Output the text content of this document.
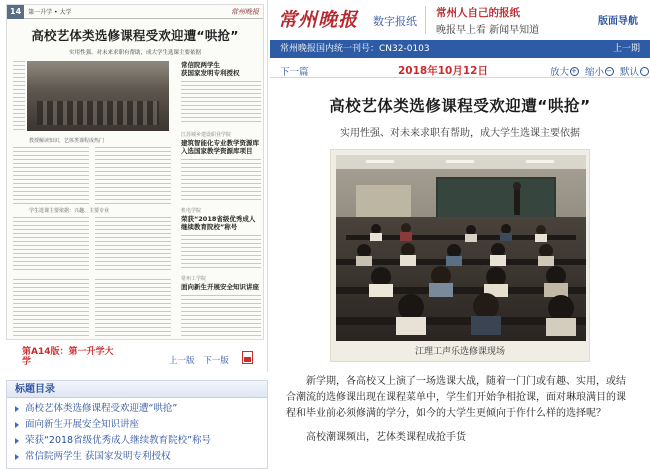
14	第一升学 • 大学	常州晚报
高校艺体类选修课程受欢迎遭“哄抢”
实用性强、对未来求职有帮助，成大学生选课主要依据
常信院两学生
获国家发明专利授权
教授解读知识，艺体类课程成热门
江苏城乡建设职业学院
建筑智能化专业教学资源库
入选国家教学资源库项目
学生选课主要依据：兴趣、主要专业	机电学院
荣获“2018省级优秀成人
继续教育院校”称号
常州工学院
面向新生开展安全知识讲座
第A14版：第一升学大学	上一版 下一版
标题目录
高校艺体类选修课程受欢迎遭“哄抢”
面向新生开展安全知识讲座
荣获“2018省级优秀成人继续教育院校”称号
常信院两学生 获国家发明专利授权
常州晚报 数字报纸
常州人自己的报纸
晚报早上看 新闻早知道
版面导航
常州晚报国内统一刊号：CN32-0103	上一期
下一篇	2018年10月12日	放大 + 缩小 − 默认 ·
高校艺体类选修课程受欢迎遭“哄抢”
实用性强、对未来求职有帮助，成大学生选课主要依据
江理工声乐选修课现场

新学期，各高校又上演了一场选课大战，随着一门门或有趣、实用，或结合潮流的选修课出现在课程菜单中，学生们开始争相抢课，面对琳琅满目的课程和毕业前必须修满的学分，如今的大学生更倾向于作什么样的选择呢？

高校潮课频出，艺体类课程成抢手货
